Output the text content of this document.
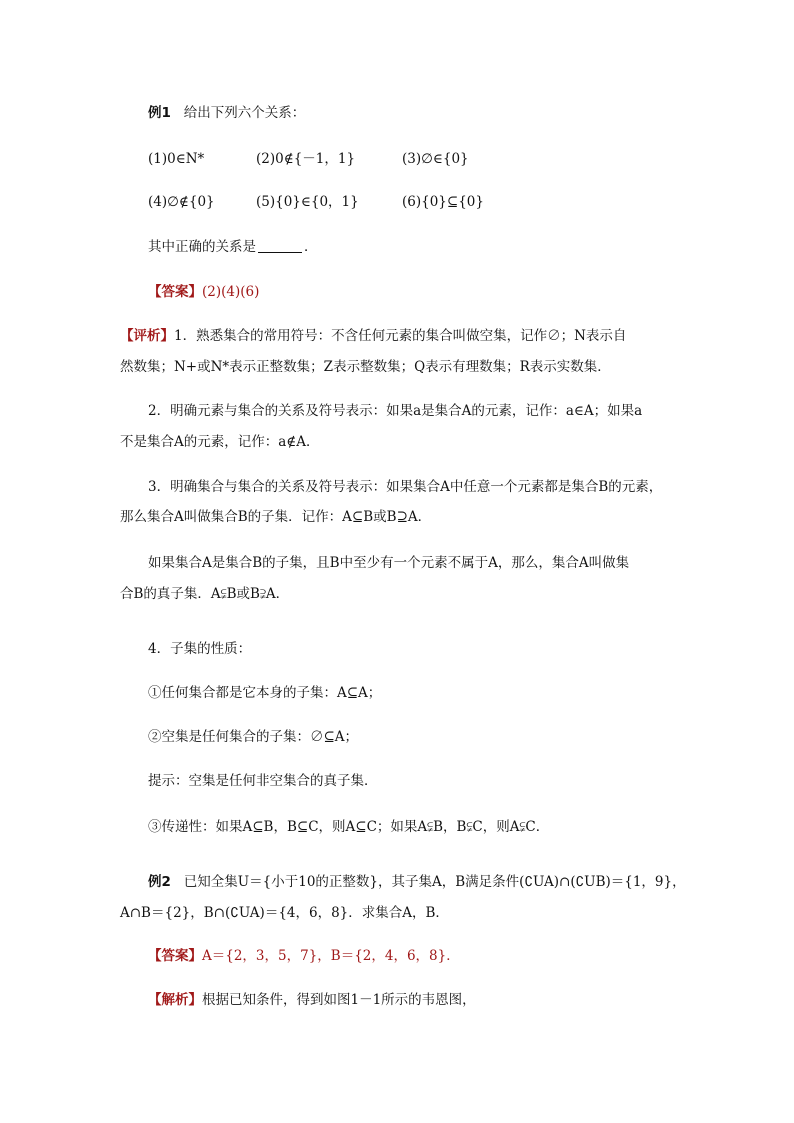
例1 给出下列六个关系：
(1)0∈N*	(2)0∉{－1，1}	(3)∅∈{0}
(4)∅∉{0}	(5){0}∈{0，1}	(6){0}⊆{0}
其中正确的关系是	．
【答案】(2)(4)(6)
【评析】1．熟悉集合的常用符号：不含任何元素的集合叫做空集，记作∅；N表示自
然数集；N+或N*表示正整数集；Z表示整数集；Q表示有理数集；R表示实数集．
2．明确元素与集合的关系及符号表示：如果a是集合A的元素，记作：a∈A；如果a
不是集合A的元素，记作：a∉A．
3．明确集合与集合的关系及符号表示：如果集合A中任意一个元素都是集合B的元素，
那么集合A叫做集合B的子集．记作：A⊆B或B⊇A．
如果集合A是集合B的子集，且B中至少有一个元素不属于A，那么，集合A叫做集
合B的真子集．A⫋B或B⫌A．
4．子集的性质：
①任何集合都是它本身的子集：A⊆A；
②空集是任何集合的子集：∅⊆A；
提示：空集是任何非空集合的真子集．
③传递性：如果A⊆B，B⊆C，则A⊆C；如果A⫋B，B⫋C，则A⫋C．
例2 已知全集U＝{小于10的正整数}，其子集A，B满足条件(∁UA)∩(∁UB)＝{1，9}，
A∩B＝{2}，B∩(∁UA)＝{4，6，8}．求集合A，B．
【答案】A＝{2，3，5，7}，B＝{2，4，6，8}．
【解析】根据已知条件，得到如图1－1所示的韦恩图，
